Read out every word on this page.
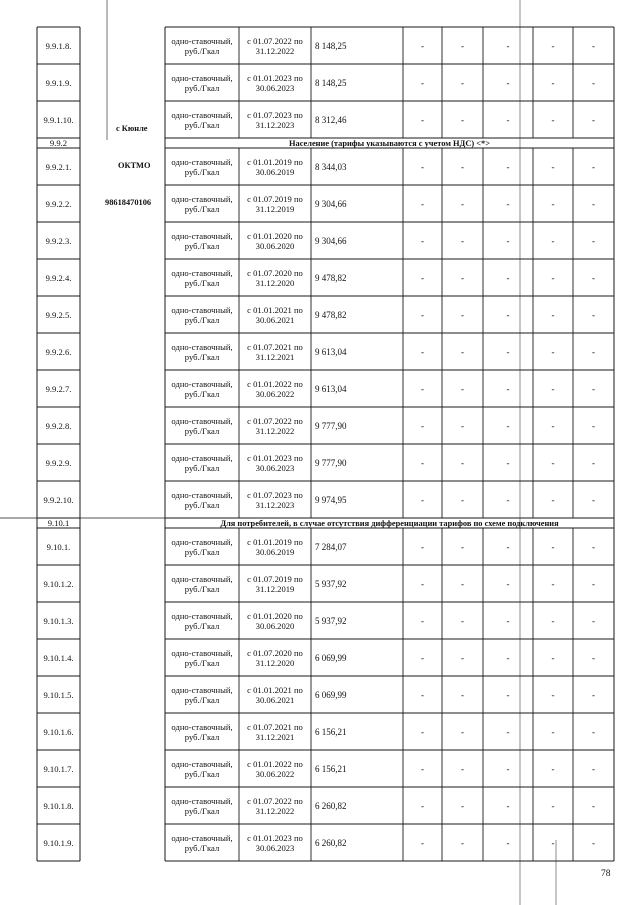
9.9.1.8.	одно-ставочный,
руб./Гкал
с 01.07.2022 по
31.12.2022	8 148,25	-	-	-	-	-
9.9.1.9.	одно-ставочный,
руб./Гкал
с 01.01.2023 по
30.06.2023	8 148,25	-	-	-	-	-
9.9.1.10.	одно-ставочный,
руб./Гкал
с 01.07.2023 по
31.12.2023	8 312,46	-	-	-	-	-
9.9.2	Население (тарифы указываются с учетом НДС) <*>
9.9.2.1.	одно-ставочный,
руб./Гкал
с 01.01.2019 по
30.06.2019	8 344,03	-	-	-	-	-
9.9.2.2.	одно-ставочный,
руб./Гкал
с 01.07.2019 по
31.12.2019	9 304,66	-	-	-	-	-
9.9.2.3.	одно-ставочный,
руб./Гкал
с 01.01.2020 по
30.06.2020	9 304,66	-	-	-	-	-
9.9.2.4.	одно-ставочный,
руб./Гкал
с 01.07.2020 по
31.12.2020	9 478,82	-	-	-	-	-
9.9.2.5.	одно-ставочный,
руб./Гкал
с 01.01.2021 по
30.06.2021	9 478,82	-	-	-	-	-
9.9.2.6.	одно-ставочный,
руб./Гкал
с 01.07.2021 по
31.12.2021	9 613,04	-	-	-	-	-
9.9.2.7.	одно-ставочный,
руб./Гкал
с 01.01.2022 по
30.06.2022	9 613,04	-	-	-	-	-
9.9.2.8.	одно-ставочный,
руб./Гкал
с 01.07.2022 по
31.12.2022	9 777,90	-	-	-	-	-
9.9.2.9.	одно-ставочный,
руб./Гкал
с 01.01.2023 по
30.06.2023	9 777,90	-	-	-	-	-
9.9.2.10.	одно-ставочный,
руб./Гкал
с 01.07.2023 по
31.12.2023	9 974,95	-	-	-	-	-
9.10.1	Для потребителей, в случае отсутствия дифференциации тарифов по схеме подключения
9.10.1.	одно-ставочный,
руб./Гкал
с 01.01.2019 по
30.06.2019	7 284,07	-	-	-	-	-
9.10.1.2.	одно-ставочный,
руб./Гкал
с 01.07.2019 по
31.12.2019	5 937,92	-	-	-	-	-
9.10.1.3.	одно-ставочный,
руб./Гкал
с 01.01.2020 по
30.06.2020	5 937,92	-	-	-	-	-
9.10.1.4.	одно-ставочный,
руб./Гкал
с 01.07.2020 по
31.12.2020	6 069,99	-	-	-	-	-
9.10.1.5.	одно-ставочный,
руб./Гкал
с 01.01.2021 по
30.06.2021	6 069,99	-	-	-	-	-
9.10.1.6.	одно-ставочный,
руб./Гкал
с 01.07.2021 по
31.12.2021	6 156,21	-	-	-	-	-
9.10.1.7.	одно-ставочный,
руб./Гкал
с 01.01.2022 по
30.06.2022	6 156,21	-	-	-	-	-
9.10.1.8.	одно-ставочный,
руб./Гкал
с 01.07.2022 по
31.12.2022	6 260,82	-	-	-	-	-
9.10.1.9.	одно-ставочный,
руб./Гкал
с 01.01.2023 по
30.06.2023	6 260,82	-	-	-	-	-
с Кюнле
ОКТМО
98618470106
78
